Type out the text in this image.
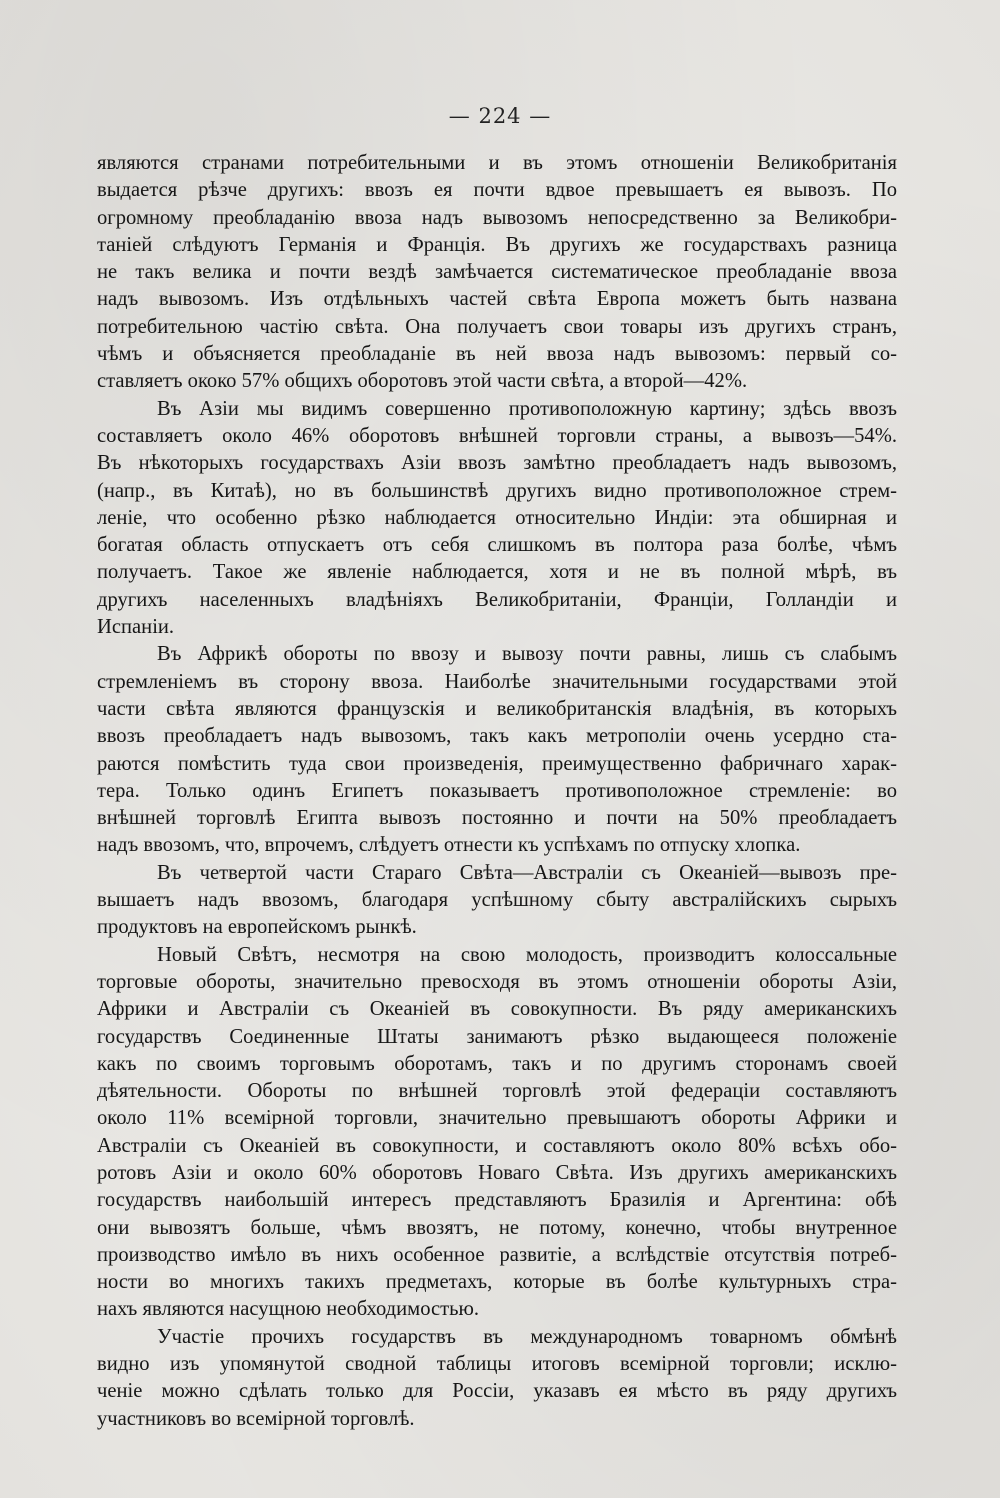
— 224 —
являются странами потребительными и въ этомъ отношеніи Великобританія
выдается рѣзче другихъ: ввозъ ея почти вдвое превышаетъ ея вывозъ. По
огромному преобладанію ввоза надъ вывозомъ непосредственно за Великобри-
таніей слѣдуютъ Германія и Франція. Въ другихъ же государствахъ разница
не такъ велика и почти вездѣ замѣчается систематическое преобладаніе ввоза
надъ вывозомъ. Изъ отдѣльныхъ частей свѣта Европа можетъ быть названа
потребительною частію свѣта. Она получаетъ свои товары изъ другихъ странъ,
чѣмъ и объясняется преобладаніе въ ней ввоза надъ вывозомъ: первый со-
ставляетъ ококо 57% общихъ оборотовъ этой части свѣта, а второй—42%.
Въ Азіи мы видимъ совершенно противоположную картину; здѣсь ввозъ
составляетъ около 46% оборотовъ внѣшней торговли страны, а вывозъ—54%.
Въ нѣкоторыхъ государствахъ Азіи ввозъ замѣтно преобладаетъ надъ вывозомъ,
(напр., въ Китаѣ), но въ большинствѣ другихъ видно противоположное стрем-
леніе, что особенно рѣзко наблюдается относительно Индіи: эта обширная и
богатая область отпускаетъ отъ себя слишкомъ въ полтора раза болѣе, чѣмъ
получаетъ. Такое же явленіе наблюдается, хотя и не въ полной мѣрѣ, въ
другихъ населенныхъ владѣніяхъ Великобританіи, Франціи, Голландіи и
Испаніи.
Въ Африкѣ обороты по ввозу и вывозу почти равны, лишь съ слабымъ
стремленіемъ въ сторону ввоза. Наиболѣе значительными государствами этой
части свѣта являются французскія и великобританскія владѣнія, въ которыхъ
ввозъ преобладаетъ надъ вывозомъ, такъ какъ метрополіи очень усердно ста-
раются помѣстить туда свои произведенія, преимущественно фабричнаго харак-
тера. Только одинъ Египетъ показываетъ противоположное стремленіе: во
внѣшней торговлѣ Египта вывозъ постоянно и почти на 50% преобладаетъ
надъ ввозомъ, что, впрочемъ, слѣдуетъ отнести къ успѣхамъ по отпуску хлопка.
Въ четвертой части Стараго Свѣта—Австраліи съ Океаніей—вывозъ пре-
вышаетъ надъ ввозомъ, благодаря успѣшному сбыту австралійскихъ сырыхъ
продуктовъ на европейскомъ рынкѣ.
Новый Свѣтъ, несмотря на свою молодость, производитъ колоссальные
торговые обороты, значительно превосходя въ этомъ отношеніи обороты Азіи,
Африки и Австраліи съ Океаніей въ совокупности. Въ ряду американскихъ
государствъ Соединенные Штаты занимаютъ рѣзко выдающееся положеніе
какъ по своимъ торговымъ оборотамъ, такъ и по другимъ сторонамъ своей
дѣятельности. Обороты по внѣшней торговлѣ этой федераціи составляютъ
около 11% всемірной торговли, значительно превышаютъ обороты Африки и
Австраліи съ Океаніей въ совокупности, и составляютъ около 80% всѣхъ обо-
ротовъ Азіи и около 60% оборотовъ Новаго Свѣта. Изъ другихъ американскихъ
государствъ наибольшій интересъ представляютъ Бразилія и Аргентина: обѣ
они вывозятъ больше, чѣмъ ввозятъ, не потому, конечно, чтобы внутренное
производство имѣло въ нихъ особенное развитіе, а вслѣдствіе отсутствія потреб-
ности во многихъ такихъ предметахъ, которые въ болѣе культурныхъ стра-
нахъ являются насущною необходимостью.
Участіе прочихъ государствъ въ международномъ товарномъ обмѣнѣ
видно изъ упомянутой сводной таблицы итоговъ всемірной торговли; исклю-
ченіе можно сдѣлать только для Россіи, указавъ ея мѣсто въ ряду другихъ
участниковъ во всемірной торговлѣ.
